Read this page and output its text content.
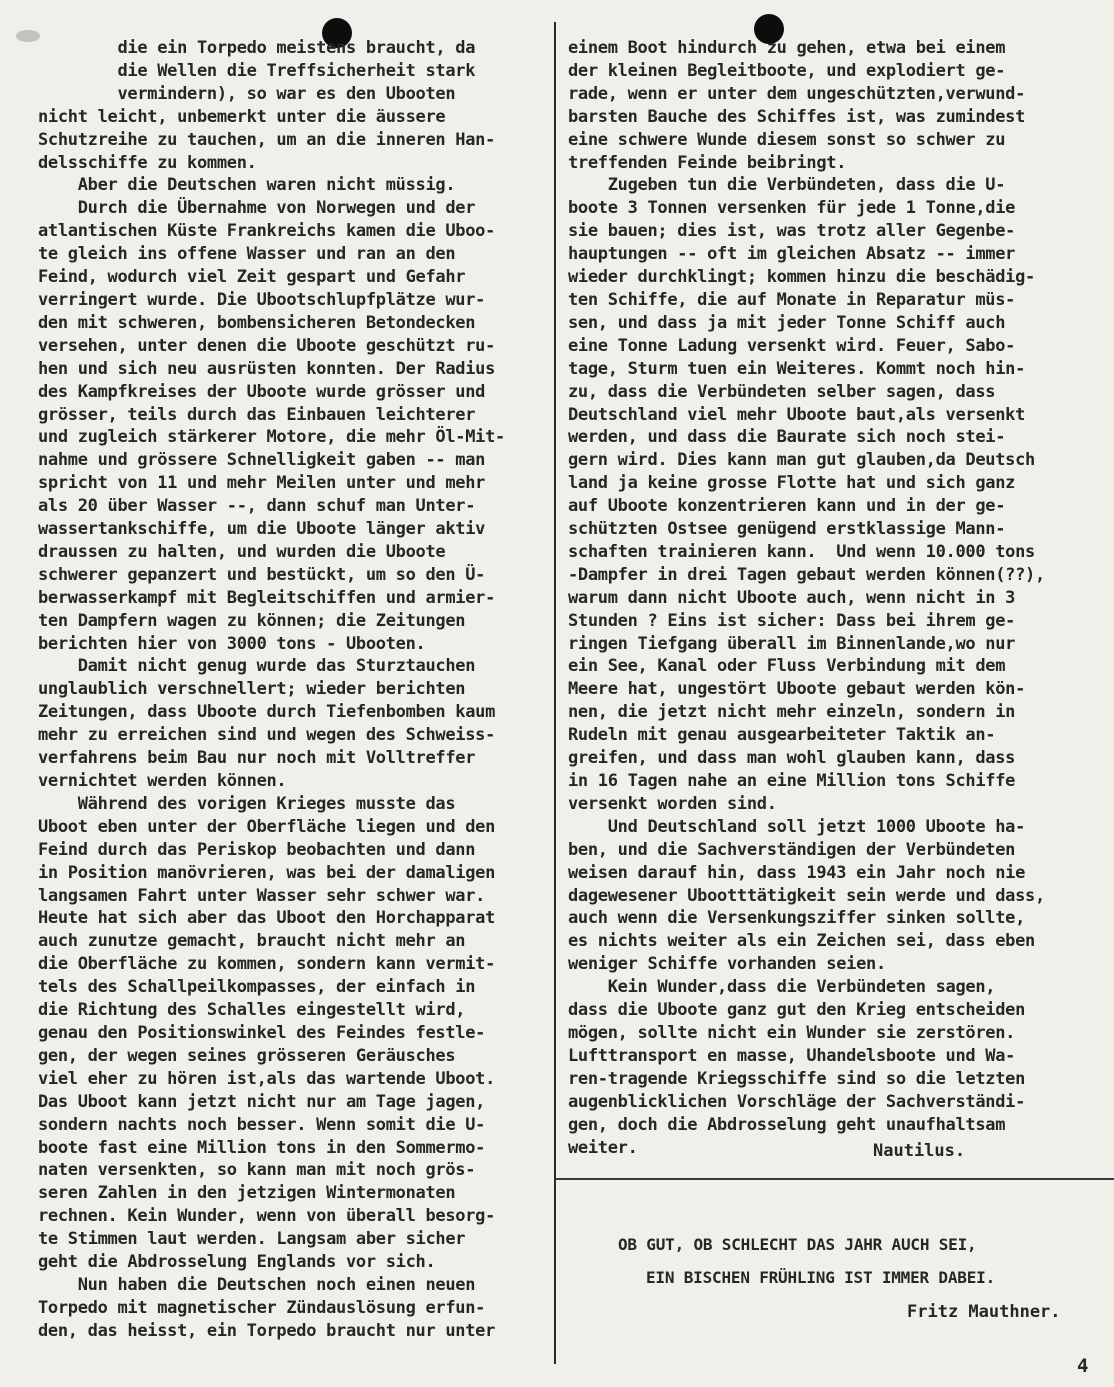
die ein Torpedo meistens braucht, da

die Wellen die Treffsicherheit stark

vermindern), so war es den Ubooten

nicht leicht, unbemerkt unter die äussere

Schutzreihe zu tauchen, um an die inneren Han-

delsschiffe zu kommen.

Aber die Deutschen waren nicht müssig.

Durch die Übernahme von Norwegen und der

atlantischen Küste Frankreichs kamen die Uboo-

te gleich ins offene Wasser und ran an den

Feind, wodurch viel Zeit gespart und Gefahr

verringert wurde. Die Ubootschlupfplätze wur-

den mit schweren, bombensicheren Betondecken

versehen, unter denen die Uboote geschützt ru-

hen und sich neu ausrüsten konnten. Der Radius

des Kampfkreises der Uboote wurde grösser und

grösser, teils durch das Einbauen leichterer

und zugleich stärkerer Motore, die mehr Öl-Mit-

nahme und grössere Schnelligkeit gaben -- man

spricht von 11 und mehr Meilen unter und mehr

als 20 über Wasser --, dann schuf man Unter-

wassertankschiffe, um die Uboote länger aktiv

draussen zu halten, und wurden die Uboote

schwerer gepanzert und bestückt, um so den Ü-

berwasserkampf mit Begleitschiffen und armier-

ten Dampfern wagen zu können; die Zeitungen

berichten hier von 3000 tons - Ubooten.

Damit nicht genug wurde das Sturztauchen

unglaublich verschnellert; wieder berichten

Zeitungen, dass Uboote durch Tiefenbomben kaum

mehr zu erreichen sind und wegen des Schweiss-

verfahrens beim Bau nur noch mit Volltreffer

vernichtet werden können.

Während des vorigen Krieges musste das

Uboot eben unter der Oberfläche liegen und den

Feind durch das Periskop beobachten und dann

in Position manövrieren, was bei der damaligen

langsamen Fahrt unter Wasser sehr schwer war.

Heute hat sich aber das Uboot den Horchapparat

auch zunutze gemacht, braucht nicht mehr an

die Oberfläche zu kommen, sondern kann vermit-

tels des Schallpeilkompasses, der einfach in

die Richtung des Schalles eingestellt wird,

genau den Positionswinkel des Feindes festle-

gen, der wegen seines grösseren Geräusches

viel eher zu hören ist,als das wartende Uboot.

Das Uboot kann jetzt nicht nur am Tage jagen,

sondern nachts noch besser. Wenn somit die U-

boote fast eine Million tons in den Sommermo-

naten versenkten, so kann man mit noch grös-

seren Zahlen in den jetzigen Wintermonaten

rechnen. Kein Wunder, wenn von überall besorg-

te Stimmen laut werden. Langsam aber sicher

geht die Abdrosselung Englands vor sich.

Nun haben die Deutschen noch einen neuen

Torpedo mit magnetischer Zündauslösung erfun-

den, das heisst, ein Torpedo braucht nur unter

einem Boot hindurch zu gehen, etwa bei einem

der kleinen Begleitboote, und explodiert ge-

rade, wenn er unter dem ungeschützten,verwund-

barsten Bauche des Schiffes ist, was zumindest

eine schwere Wunde diesem sonst so schwer zu

treffenden Feinde beibringt.

Zugeben tun die Verbündeten, dass die U-

boote 3 Tonnen versenken für jede 1 Tonne,die

sie bauen; dies ist, was trotz aller Gegenbe-

hauptungen -- oft im gleichen Absatz -- immer

wieder durchklingt; kommen hinzu die beschädig-

ten Schiffe, die auf Monate in Reparatur müs-

sen, und dass ja mit jeder Tonne Schiff auch

eine Tonne Ladung versenkt wird. Feuer, Sabo-

tage, Sturm tuen ein Weiteres. Kommt noch hin-

zu, dass die Verbündeten selber sagen, dass

Deutschland viel mehr Uboote baut,als versenkt

werden, und dass die Baurate sich noch stei-

gern wird. Dies kann man gut glauben,da Deutsch

land ja keine grosse Flotte hat und sich ganz

auf Uboote konzentrieren kann und in der ge-

schützten Ostsee genügend erstklassige Mann-

schaften trainieren kann.  Und wenn 10.000 tons

-Dampfer in drei Tagen gebaut werden können(??),

warum dann nicht Uboote auch, wenn nicht in 3

Stunden ? Eins ist sicher: Dass bei ihrem ge-

ringen Tiefgang überall im Binnenlande,wo nur

ein See, Kanal oder Fluss Verbindung mit dem

Meere hat, ungestört Uboote gebaut werden kön-

nen, die jetzt nicht mehr einzeln, sondern in

Rudeln mit genau ausgearbeiteter Taktik an-

greifen, und dass man wohl glauben kann, dass

in 16 Tagen nahe an eine Million tons Schiffe

versenkt worden sind.

Und Deutschland soll jetzt 1000 Uboote ha-

ben, und die Sachverständigen der Verbündeten

weisen darauf hin, dass 1943 ein Jahr noch nie

dagewesener Ubootttätigkeit sein werde und dass,

auch wenn die Versenkungsziffer sinken sollte,

es nichts weiter als ein Zeichen sei, dass eben

weniger Schiffe vorhanden seien.

Kein Wunder,dass die Verbündeten sagen,

dass die Uboote ganz gut den Krieg entscheiden

mögen, sollte nicht ein Wunder sie zerstören.

Lufttransport en masse, Uhandelsboote und Wa-

ren-tragende Kriegsschiffe sind so die letzten

augenblicklichen Vorschläge der Sachverständi-

gen, doch die Abdrosselung geht unaufhaltsam

weiter.	Nautilus.
OB GUT, OB SCHLECHT DAS JAHR AUCH SEI,
EIN BISCHEN FRÜHLING IST IMMER DABEI.
Fritz Mauthner.
4
